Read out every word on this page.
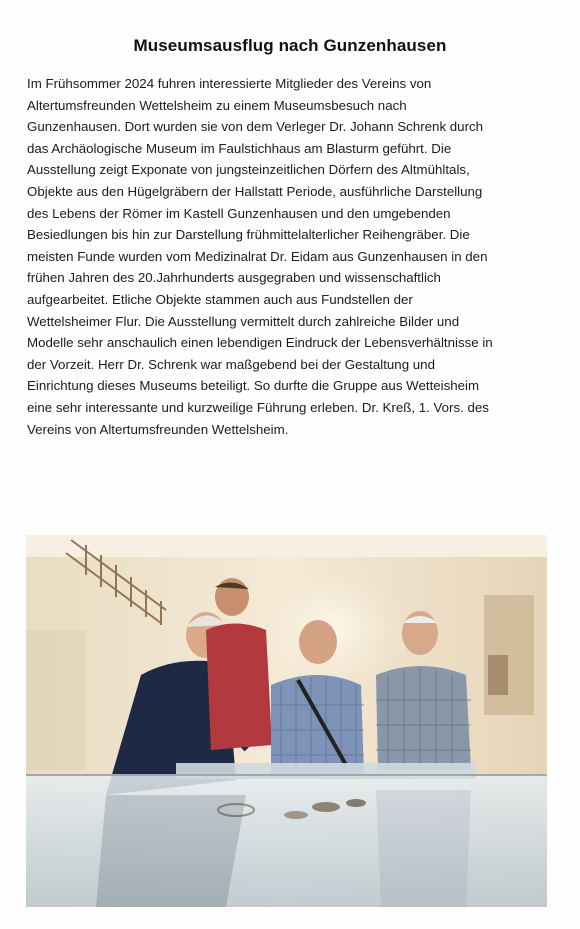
Museumsausflug nach Gunzenhausen
Im Frühsommer 2024 fuhren interessierte Mitglieder des Vereins von
Altertumsfreunden Wettelsheim zu einem Museumsbesuch nach
Gunzenhausen. Dort wurden sie von dem Verleger Dr. Johann Schrenk durch
das Archäologische Museum im Faulstichhaus am Blasturm geführt. Die
Ausstellung zeigt Exponate von jungsteinzeitlichen Dörfern des Altmühltals,
Objekte aus den Hügelgräbern der Hallstatt Periode, ausführliche Darstellung
des Lebens der Römer im Kastell Gunzenhausen und den umgebenden
Besiedlungen bis hin zur Darstellung frühmittelalterlicher Reihengräber. Die
meisten Funde wurden vom Medizinalrat Dr. Eidam aus Gunzenhausen in den
frühen Jahren des 20.Jahrhunderts ausgegraben und wissenschaftlich
aufgearbeitet. Etliche Objekte stammen auch aus Fundstellen der
Wettelsheimer Flur. Die Ausstellung vermittelt durch zahlreiche Bilder und
Modelle sehr anschaulich einen lebendigen Eindruck der Lebensverhältnisse in
der Vorzeit. Herr Dr. Schrenk war maßgebend bei der Gestaltung und
Einrichtung dieses Museums beteiligt. So durfte die Gruppe aus Wetteisheim
eine sehr interessante und kurzweilige Führung erleben. Dr. Kreß, 1. Vors. des
Vereins von Altertumsfreunden Wettelsheim.
